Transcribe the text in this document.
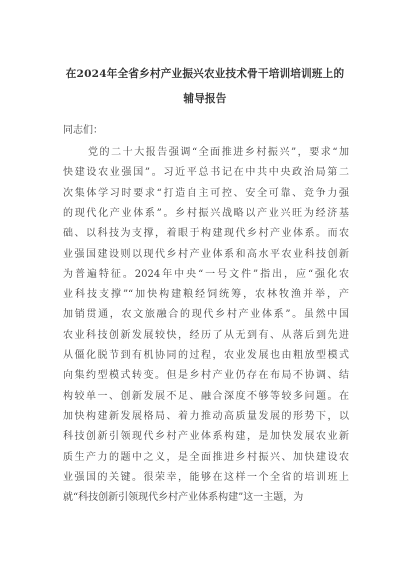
在2024年全省乡村产业振兴农业技术骨干培训培训班上的
辅导报告
同志们：
党的二十大报告强调“全面推进乡村振兴”，要求“加
快建设农业强国”。习近平总书记在中共中央政治局第二
次集体学习时要求“打造自主可控、安全可靠、竞争力强
的现代化产业体系”。乡村振兴战略以产业兴旺为经济基
础、以科技为支撑，着眼于构建现代乡村产业体系。而农
业强国建设则以现代乡村产业体系和高水平农业科技创新
为普遍特征。2024年中央“一号文件”指出，应“强化农
业科技支撑”“加快构建粮经饲统筹，农林牧渔并举，产
加销贯通，农文旅融合的现代乡村产业体系”。虽然中国
农业科技创新发展较快，经历了从无到有、从落后到先进
从僵化脱节到有机协同的过程，农业发展也由粗放型模式
向集约型模式转变。但是乡村产业仍存在布局不协调、结
构较单一、创新发展不足、融合深度不够等较多问题。在
加快构建新发展格局、着力推动高质量发展的形势下，以
科技创新引领现代乡村产业体系构建，是加快发展农业新
质生产力的题中之义，是全面推进乡村振兴、加快建设农
业强国的关键。很荣幸，能够在这样一个全省的培训班上
就“科技创新引领现代乡村产业体系构建”这一主题，为
